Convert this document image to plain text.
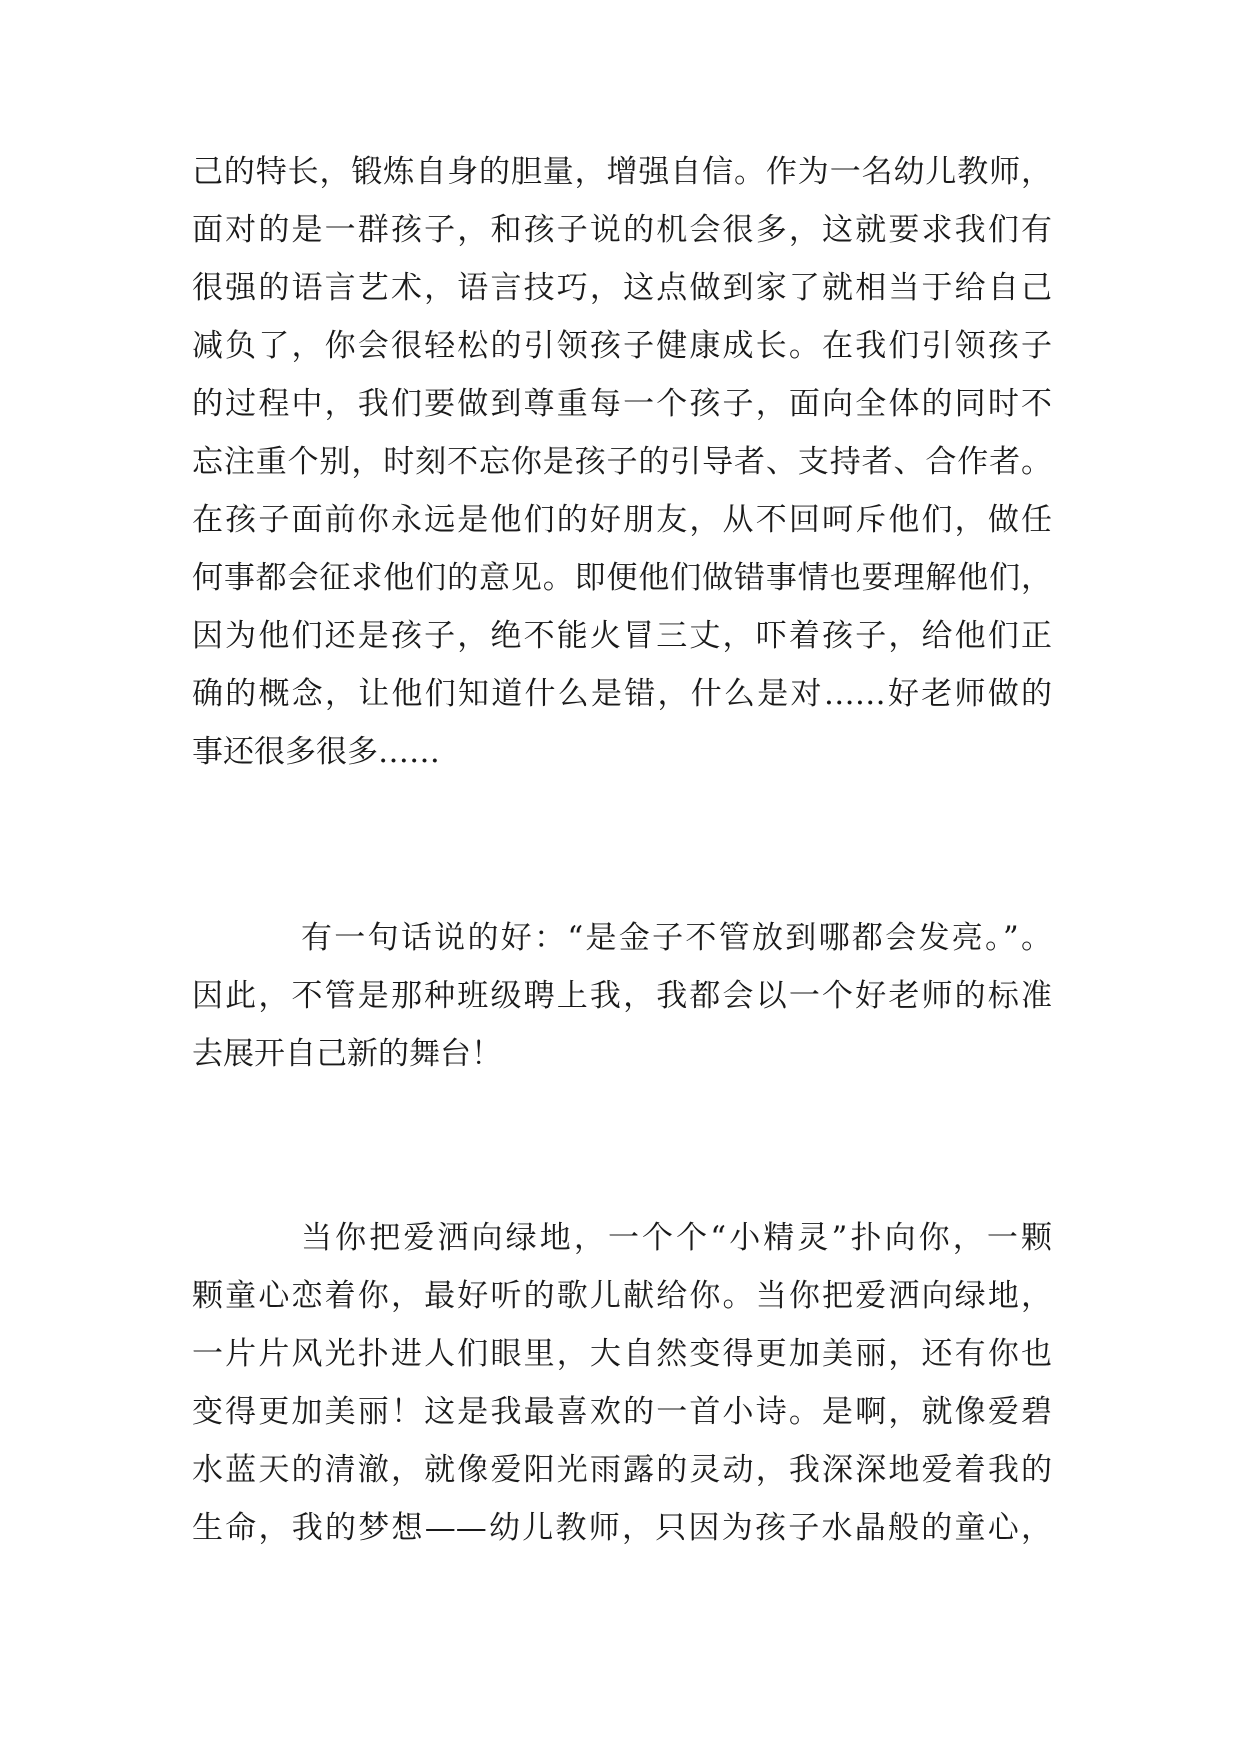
己的特长，锻炼自身的胆量，增强自信。作为一名幼儿教师，

面对的是一群孩子，和孩子说的机会很多，这就要求我们有

很强的语言艺术，语言技巧，这点做到家了就相当于给自己

减负了，你会很轻松的引领孩子健康成长。在我们引领孩子

的过程中，我们要做到尊重每一个孩子，面向全体的同时不

忘注重个别，时刻不忘你是孩子的引导者、支持者、合作者。

在孩子面前你永远是他们的好朋友，从不回呵斥他们，做任

何事都会征求他们的意见。即便他们做错事情也要理解他们，

因为他们还是孩子，绝不能火冒三丈，吓着孩子，给他们正

确的概念，让他们知道什么是错，什么是对……好老师做的

事还很多很多……

有一句话说的好：“是金子不管放到哪都会发亮。”。

因此，不管是那种班级聘上我，我都会以一个好老师的标准

去展开自己新的舞台！

当你把爱洒向绿地，一个个“小精灵”扑向你，一颗

颗童心恋着你，最好听的歌儿献给你。当你把爱洒向绿地，

一片片风光扑进人们眼里，大自然变得更加美丽，还有你也

变得更加美丽！这是我最喜欢的一首小诗。是啊，就像爱碧

水蓝天的清澈，就像爱阳光雨露的灵动，我深深地爱着我的

生命，我的梦想——幼儿教师，只因为孩子水晶般的童心，
